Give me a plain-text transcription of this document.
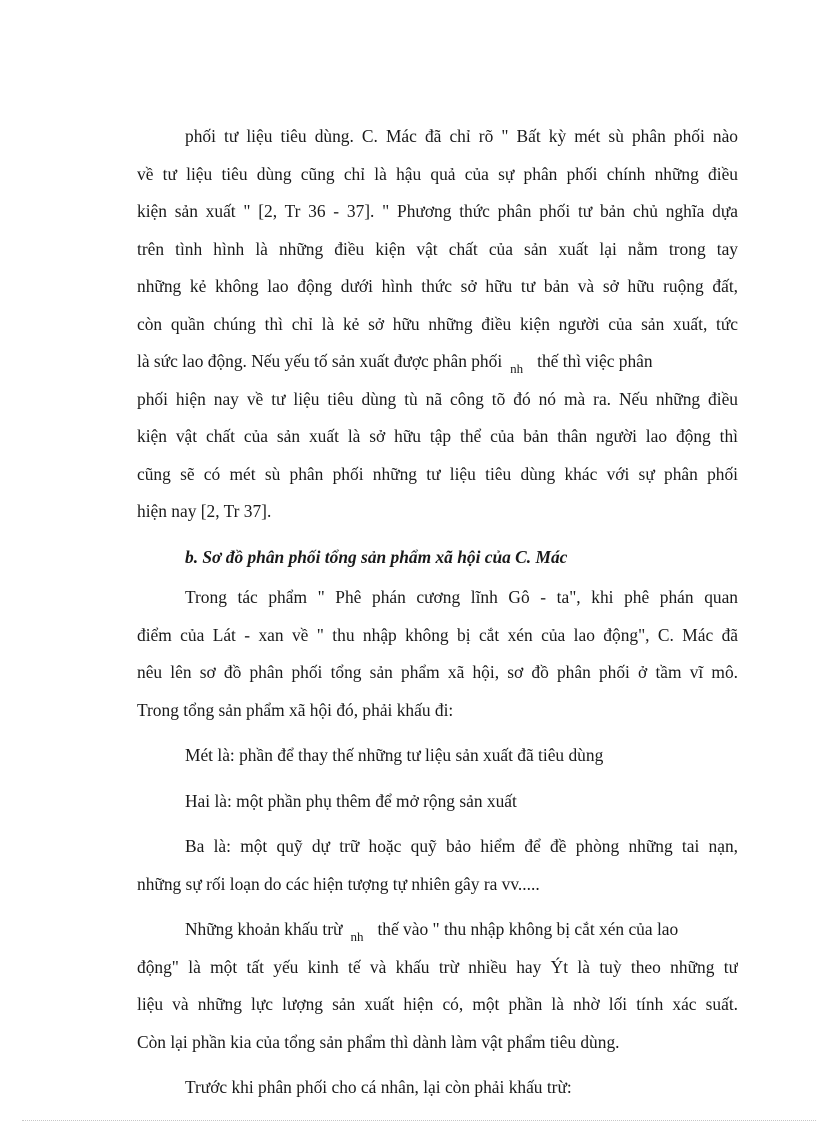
phối tư liệu tiêu dùng. C. Mác đã chỉ rõ " Bất kỳ mét sù phân phối nào
về tư liệu tiêu dùng cũng chỉ là hậu quả của sự phân phối chính những điều
kiện sản xuất " [2, Tr 36 - 37]. " Phương thức phân phối tư bản chủ nghĩa dựa
trên tình hình là những điều kiện vật chất của sản xuất lại nằm trong tay
những kẻ không lao động dưới hình thức sở hữu tư bản và sở hữu ruộng đất,
còn quần chúng thì chỉ là kẻ sở hữu những điều kiện người của sản xuất, tức
là sức lao động. Nếu yếu tố sản xuất được phân phối $_{nh}$ thế thì việc phân
phối hiện nay về tư liệu tiêu dùng tù nã công tõ đó nó mà ra. Nếu những điều
kiện vật chất của sản xuất là sở hữu tập thể của bản thân người lao động thì
cũng sẽ có mét sù phân phối những tư liệu tiêu dùng khác với sự phân phối
hiện nay [2, Tr 37].
b. Sơ đồ phân phối tổng sản phẩm xã hội của C. Mác
Trong tác phẩm " Phê phán cương lĩnh Gô - ta", khi phê phán quan
điểm của Lát - xan về " thu nhập không bị cắt xén của lao động", C. Mác đã
nêu lên sơ đồ phân phối tổng sản phẩm xã hội, sơ đồ phân phối ở tầm vĩ mô.
Trong tổng sản phẩm xã hội đó, phải khấu đi:
Mét là: phần để thay thế những tư liệu sản xuất đã tiêu dùng
Hai là: một phần phụ thêm để mở rộng sản xuất
Ba là: một quỹ dự trữ hoặc quỹ bảo hiểm để đề phòng những tai nạn,
những sự rối loạn do các hiện tượng tự nhiên gây ra vv.....
Những khoản khấu trừ $_{nh}$ thế vào " thu nhập không bị cắt xén của lao
động" là một tất yếu kinh tế và khấu trừ nhiều hay Ýt là tuỳ theo những tư
liệu và những lực lượng sản xuất hiện có, một phần là nhờ lối tính xác suất.
Còn lại phần kia của tổng sản phẩm thì dành làm vật phẩm tiêu dùng.
Trước khi phân phối cho cá nhân, lại còn phải khấu trừ:
